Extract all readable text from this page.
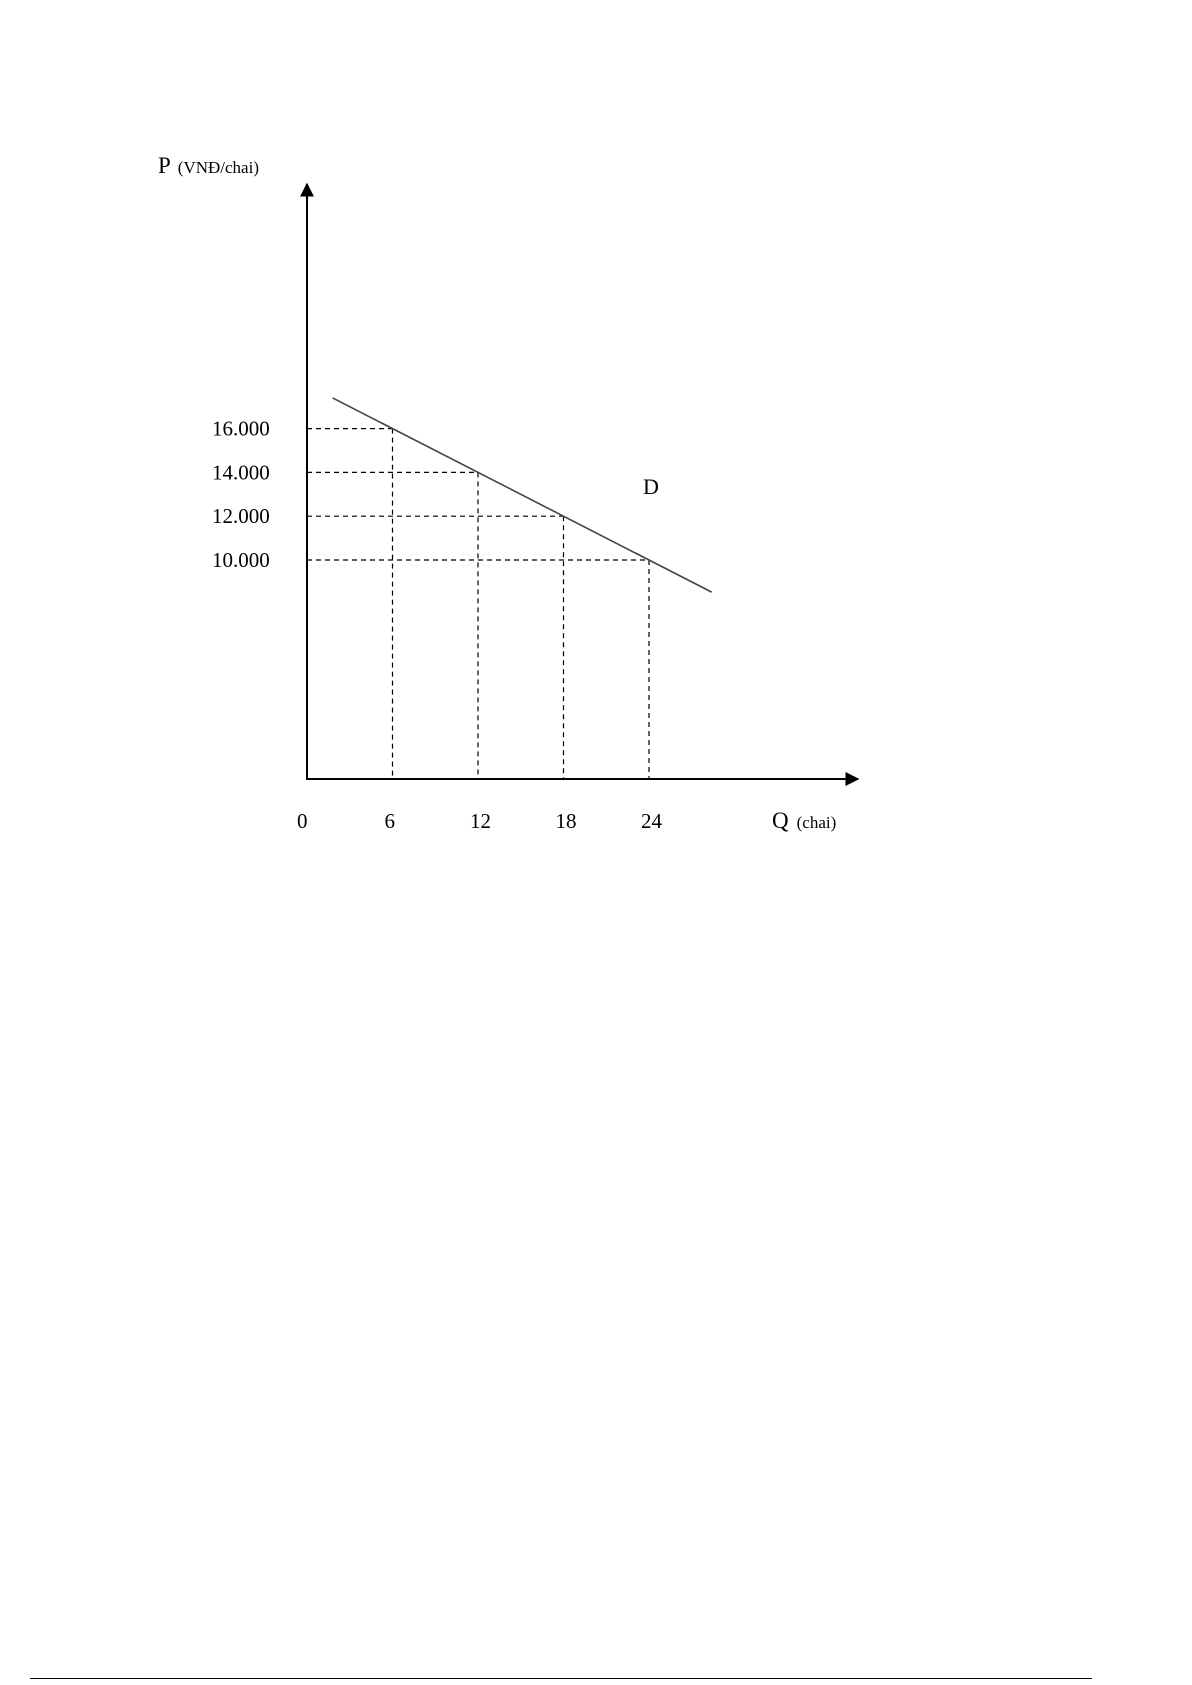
P (VNĐ/chai)
Q (chai)
D
0	6	12	18	24
10.000
12.000
14.000
16.000
